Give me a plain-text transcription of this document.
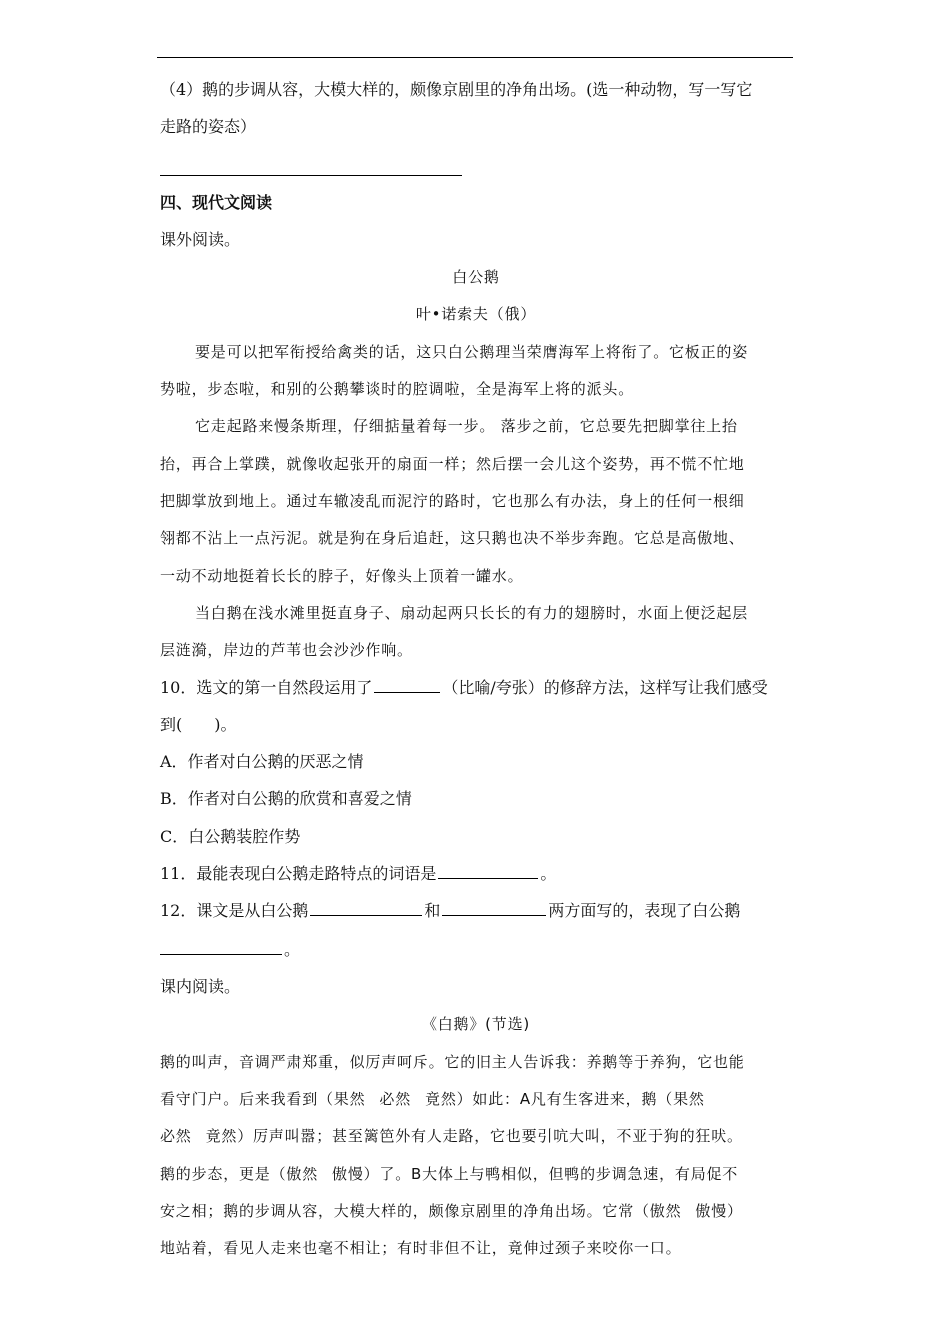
（4）鹅的步调从容，大模大样的，颇像京剧里的净角出场。(选一种动物，写一写它
走路的姿态）
四、现代文阅读
课外阅读。
白公鹅
叶•诺索夫（俄）
要是可以把军衔授给禽类的话，这只白公鹅理当荣膺海军上将衔了。它板正的姿
势啦，步态啦，和别的公鹅攀谈时的腔调啦，全是海军上将的派头。
它走起路来慢条斯理，仔细掂量着每一步。 落步之前，它总要先把脚掌往上抬
抬，再合上掌蹼，就像收起张开的扇面一样；然后摆一会儿这个姿势，再不慌不忙地
把脚掌放到地上。通过车辙凌乱而泥泞的路时，它也那么有办法，身上的任何一根细
翎都不沾上一点污泥。就是狗在身后追赶，这只鹅也决不举步奔跑。它总是高傲地、
一动不动地挺着长长的脖子，好像头上顶着一罐水。
当白鹅在浅水滩里挺直身子、扇动起两只长长的有力的翅膀时，水面上便泛起层
层涟漪，岸边的芦苇也会沙沙作响。
10．选文的第一自然段运用了	（比喻/夸张）的修辞方法，这样写让我们感受
到(　　)。
A．作者对白公鹅的厌恶之情
B．作者对白公鹅的欣赏和喜爱之情
C．白公鹅装腔作势
11．最能表现白公鹅走路特点的词语是	。
12．课文是从白公鹅	和	两方面写的，表现了白公鹅
。
课内阅读。
《白鹅》(节选)
鹅的叫声，音调严肃郑重，似厉声呵斥。它的旧主人告诉我：养鹅等于养狗，它也能
看守门户。后来我看到（果然 必然 竟然）如此：A凡有生客进来，鹅（果然
必然 竟然）厉声叫嚣；甚至篱笆外有人走路，它也要引吭大叫，不亚于狗的狂吠。
鹅的步态，更是（傲然 傲慢）了。B大体上与鸭相似，但鸭的步调急速，有局促不
安之相；鹅的步调从容，大模大样的，颇像京剧里的净角出场。它常（傲然 傲慢）
地站着，看见人走来也毫不相让；有时非但不让，竟伸过颈子来咬你一口。
